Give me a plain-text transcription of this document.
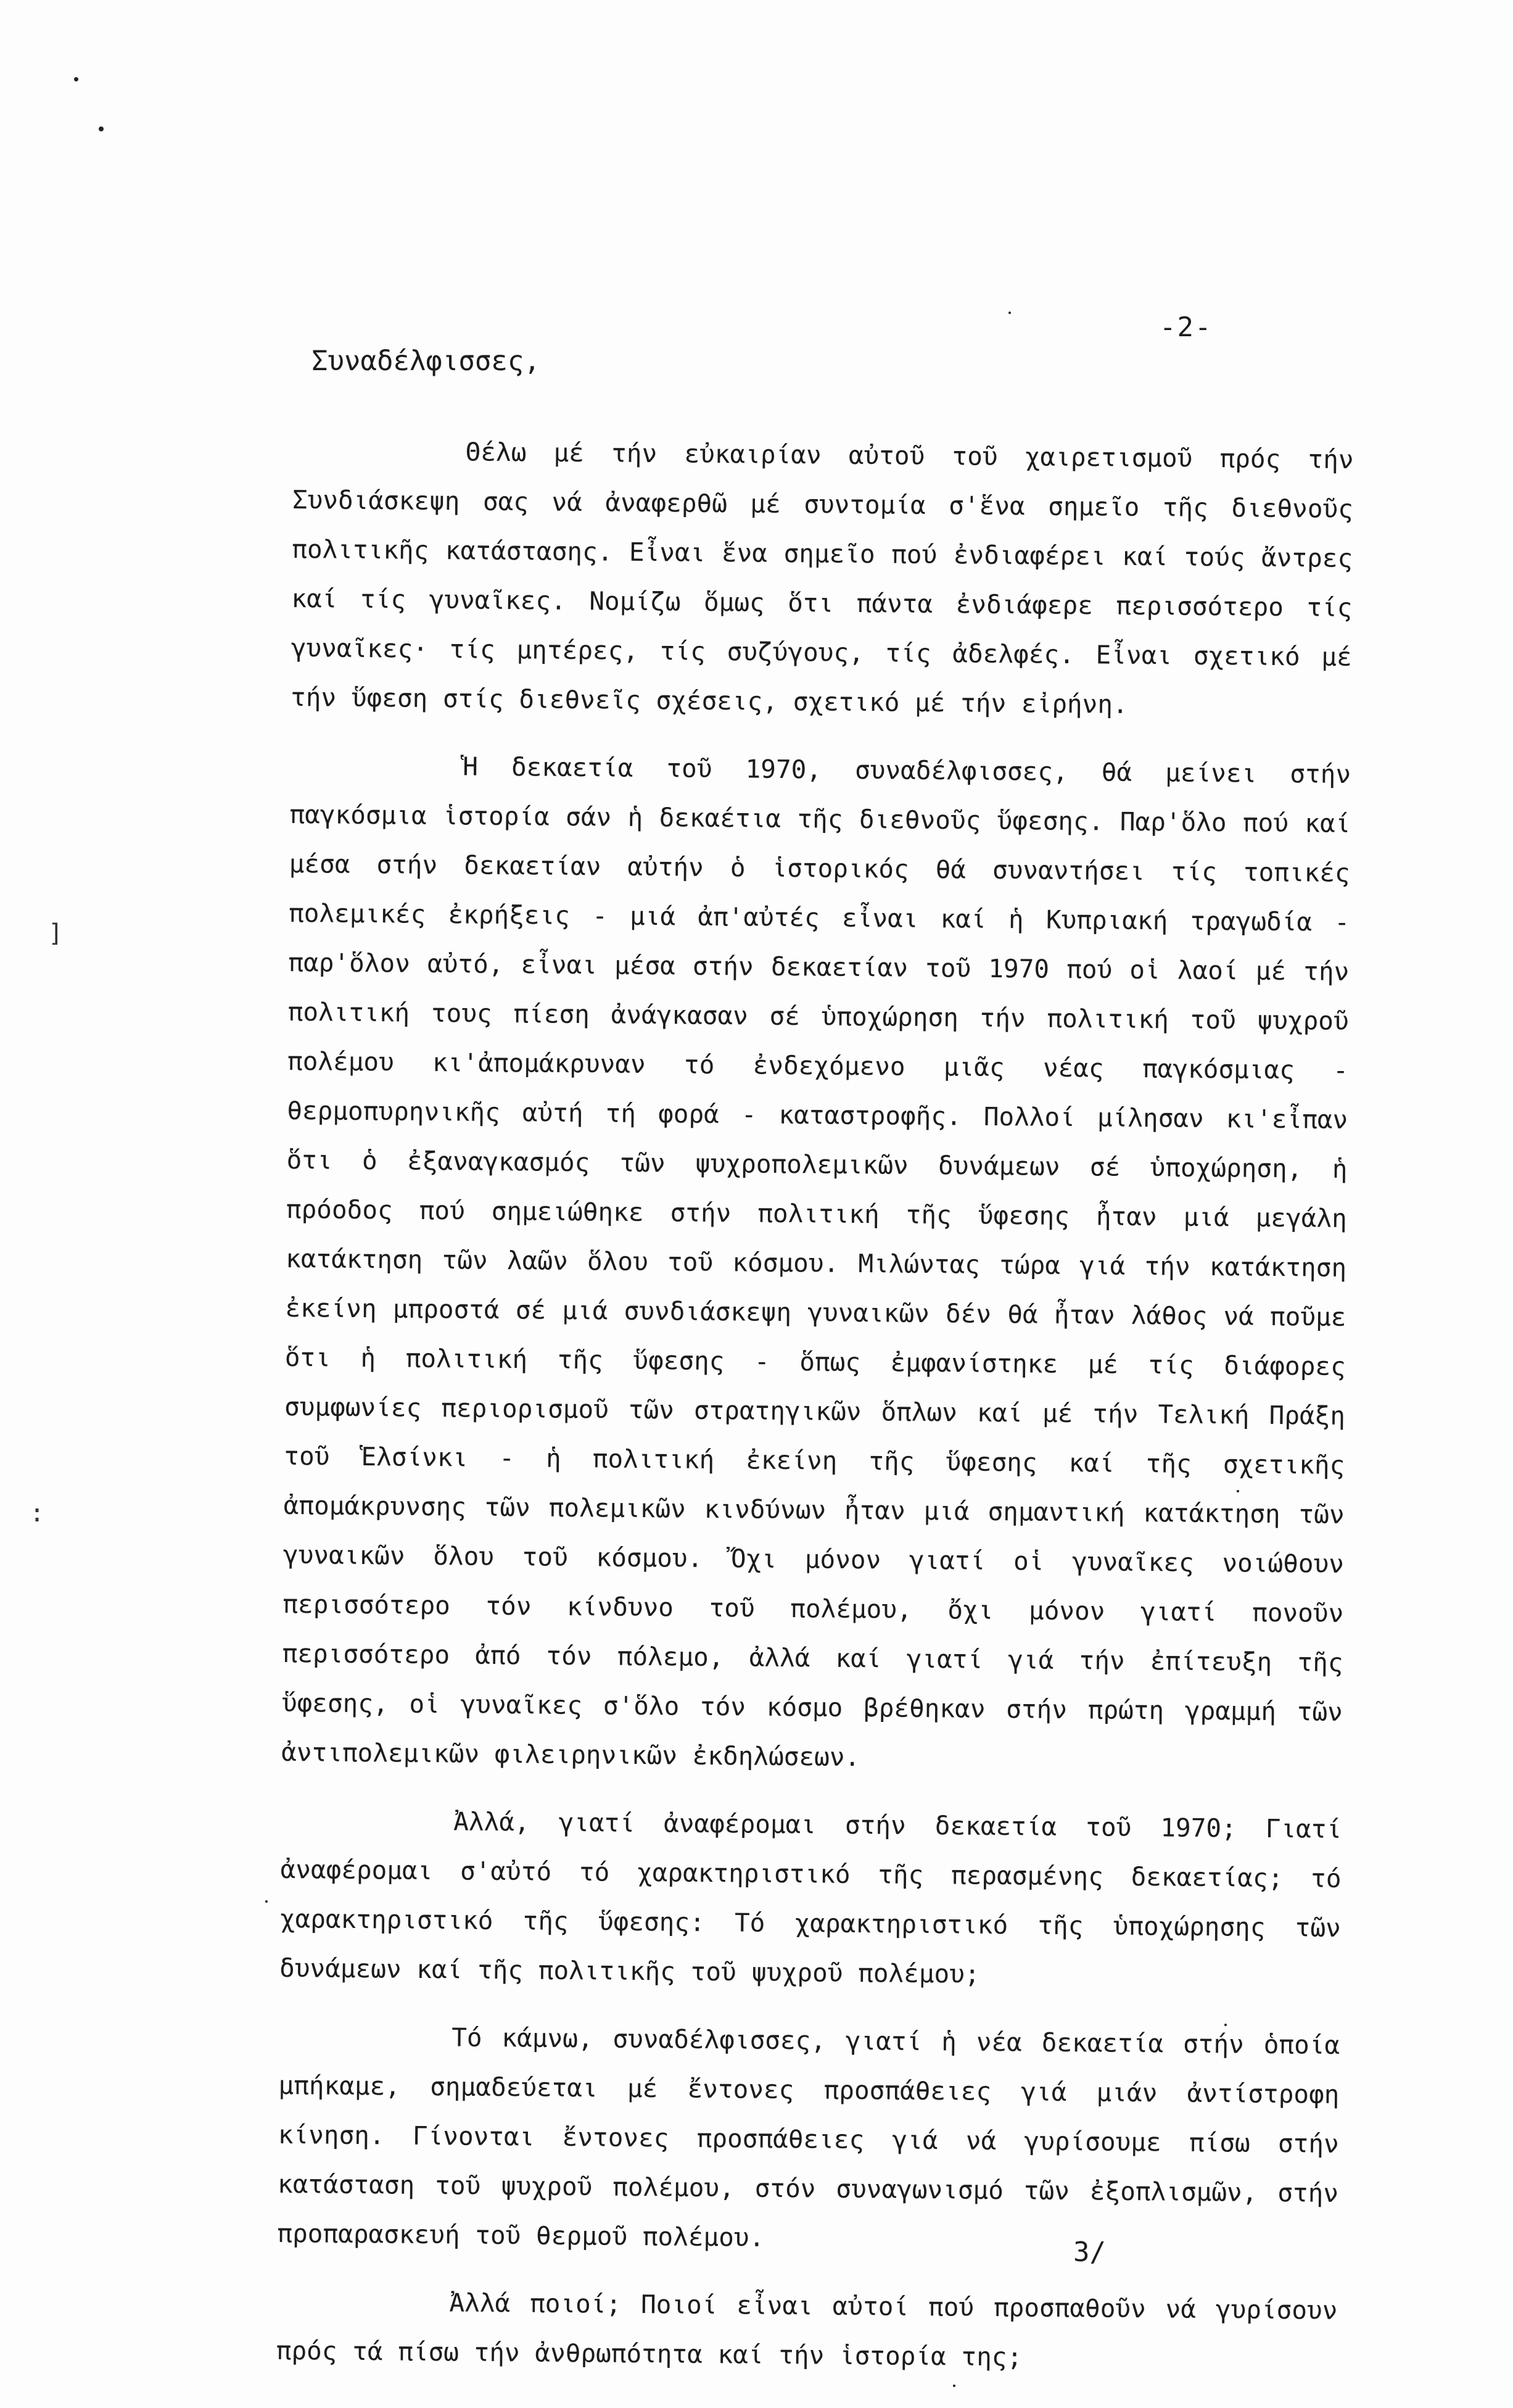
-2-
Συναδέλφισσες,
]
:

Θέλω μέ τήν εὐκαιρίαν αὐτοῦ τοῦ χαιρετισμοῦ πρός τήν Συνδιάσκεψη σας νά ἀναφερθῶ μέ συντομία σ'ἕνα σημεῖο τῆς διεθνοῦς πολιτικῆς κατάστασης. Εἶναι ἕνα σημεῖο πού ἐνδιαφέρει καί τούς ἄντρες καί τίς γυναῖκες. Νομίζω ὅμως ὅτι πάντα ἐνδιάφερε περισσότερο τίς γυναῖκες· τίς μητέρες, τίς συζύγους, τίς ἀδελφές. Εἶναι σχετικό μέ τήν ὕφεση στίς διεθνεῖς σχέσεις, σχετικό μέ τήν εἰρήνη.

Ἡ δεκαετία τοῦ 1970, συναδέλφισσες, θά μείνει στήν παγκόσμια ἱστορία σάν ἡ δεκαέτια τῆς διεθνοῦς ὕφεσης. Παρ'ὅλο πού καί μέσα στήν δεκαετίαν αὐτήν ὁ ἱστορικός θά συναντήσει τίς τοπικές πολεμικές ἐκρήξεις - μιά ἀπ'αὐτές εἶναι καί ἡ Κυπριακή τραγωδία - παρ'ὅλον αὐτό, εἶναι μέσα στήν δεκαετίαν τοῦ 1970 πού οἱ λαοί μέ τήν πολιτική τους πίεση ἀνάγκασαν σέ ὑποχώρηση τήν πολιτική τοῦ ψυχροῦ πολέμου κι'ἀπομάκρυναν τό ἐνδεχόμενο μιᾶς νέας παγκόσμιας - θερμοπυρηνικῆς αὐτή τή φορά - καταστροφῆς. Πολλοί μίλησαν κι'εἶπαν ὅτι ὁ ἐξαναγκασμός τῶν ψυχροπολεμικῶν δυνάμεων σέ ὑποχώρηση, ἡ πρόοδος πού σημειώθηκε στήν πολιτική τῆς ὕφεσης ἦταν μιά μεγάλη κατάκτηση τῶν λαῶν ὅλου τοῦ κόσμου. Μιλώντας τώρα γιά τήν κατάκτηση ἐκείνη μπροστά σέ μιά συνδιάσκεψη γυναικῶν δέν θά ἦταν λάθος νά ποῦμε ὅτι ἡ πολιτική τῆς ὕφεσης - ὅπως ἐμφανίστηκε μέ τίς διάφορες συμφωνίες περιορισμοῦ τῶν στρατηγικῶν ὅπλων καί μέ τήν Τελική Πράξη τοῦ Ἑλσίνκι - ἡ πολιτική ἐκείνη τῆς ὕφεσης καί τῆς σχετικῆς ἀπομάκρυνσης τῶν πολεμικῶν κινδύνων ἦταν μιά σημαντική κατάκτηση τῶν γυναικῶν ὅλου τοῦ κόσμου. Ὄχι μόνον γιατί οἱ γυναῖκες νοιώθουν περισσότερο τόν κίνδυνο τοῦ πολέμου, ὄχι μόνον γιατί πονοῦν περισσότερο ἀπό τόν πόλεμο, ἀλλά καί γιατί γιά τήν ἐπίτευξη τῆς ὕφεσης, οἱ γυναῖκες σ'ὅλο τόν κόσμο βρέθηκαν στήν πρώτη γραμμή τῶν ἀντιπολεμικῶν φιλειρηνικῶν ἐκδηλώσεων.

Ἀλλά, γιατί ἀναφέρομαι στήν δεκαετία τοῦ 1970; Γιατί ἀναφέρομαι σ'αὐτό τό χαρακτηριστικό τῆς περασμένης δεκαετίας; τό χαρακτηριστικό τῆς ὕφεσης: Τό χαρακτηριστικό τῆς ὑποχώρησης τῶν δυνάμεων καί τῆς πολιτικῆς τοῦ ψυχροῦ πολέμου;

Τό κάμνω, συναδέλφισσες, γιατί ἡ νέα δεκαετία στήν ὁποία μπήκαμε, σημαδεύεται μέ ἔντονες προσπάθειες γιά μιάν ἀντίστροφη κίνηση. Γίνονται ἔντονες προσπάθειες γιά νά γυρίσουμε πίσω στήν κατάσταση τοῦ ψυχροῦ πολέμου, στόν συναγωνισμό τῶν ἐξοπλισμῶν, στήν προπαρασκευή τοῦ θερμοῦ πολέμου.

Ἀλλά ποιοί; Ποιοί εἶναι αὐτοί πού προσπαθοῦν νά γυρίσουν πρός τά πίσω τήν ἀνθρωπότητα καί τήν ἱστορία της;

3/
